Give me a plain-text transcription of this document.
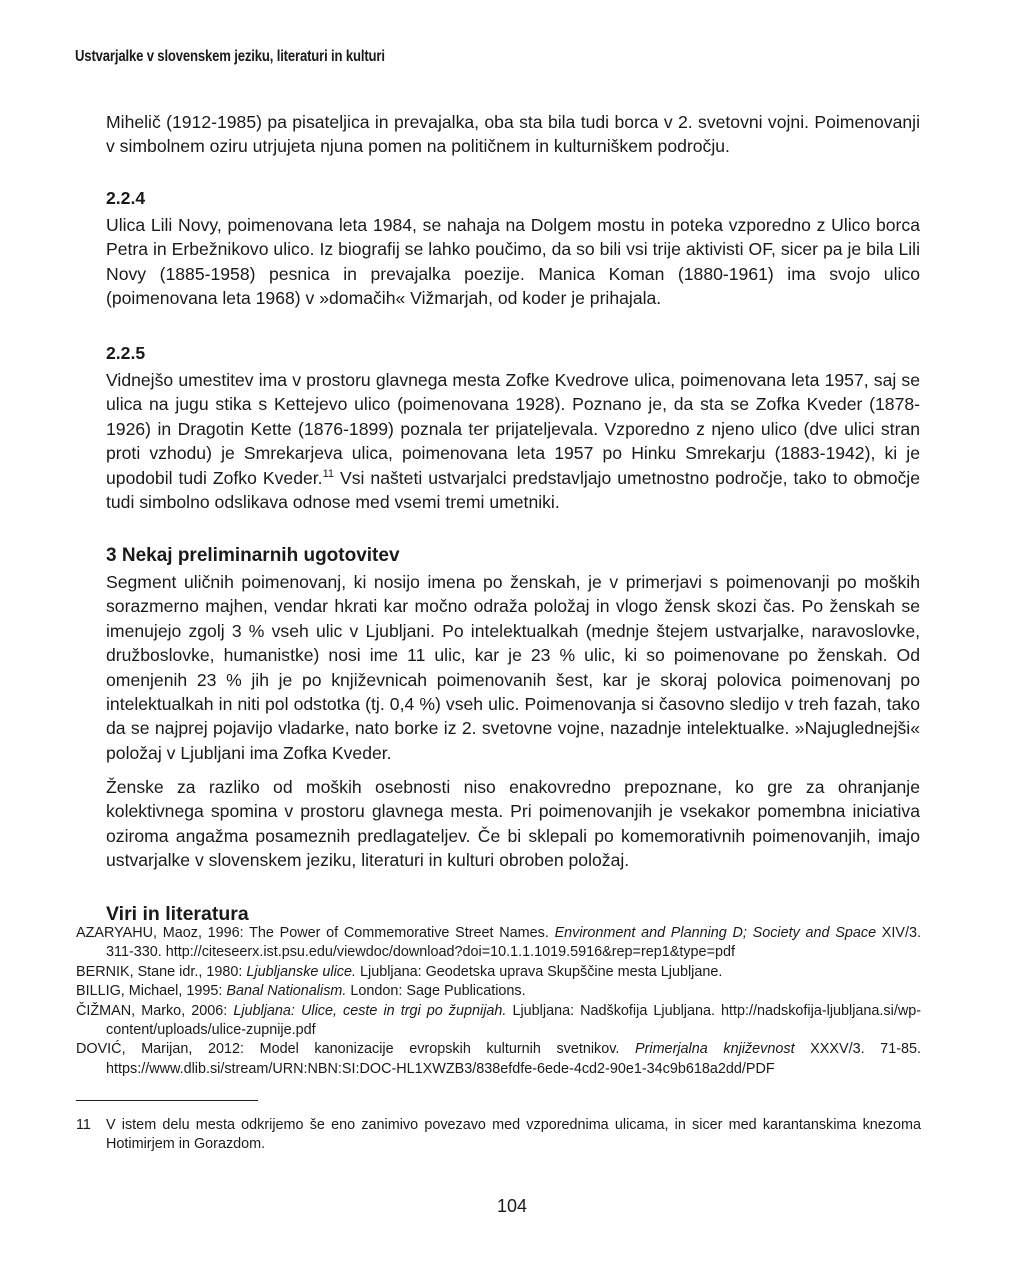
Ustvarjalke v slovenskem jeziku, literaturi in kulturi

Mihelič (1912-1985) pa pisateljica in prevajalka, oba sta bila tudi borca v 2. svetovni vojni. Poimenovanji v simbolnem oziru utrjujeta njuna pomen na političnem in kulturniškem področju.

2.2.4

Ulica Lili Novy, poimenovana leta 1984, se nahaja na Dolgem mostu in poteka vzporedno z Ulico borca Petra in Erbežnikovo ulico. Iz biografij se lahko poučimo, da so bili vsi trije aktivisti OF, sicer pa je bila Lili Novy (1885-1958) pesnica in prevajalka poezije. Manica Koman (1880-1961) ima svojo ulico (poimenovana leta 1968) v »domačih« Vižmarjah, od koder je prihajala.

2.2.5

Vidnejšo umestitev ima v prostoru glavnega mesta Zofke Kvedrove ulica, poimenovana leta 1957, saj se ulica na jugu stika s Kettejevo ulico (poimenovana 1928). Poznano je, da sta se Zofka Kveder (1878-1926) in Dragotin Kette (1876-1899) poznala ter prijateljevala. Vzporedno z njeno ulico (dve ulici stran proti vzhodu) je Smrekarjeva ulica, poimenovana leta 1957 po Hinku Smrekarju (1883-1942), ki je upodobil tudi Zofko Kveder.$^{11}$ Vsi našteti ustvarjalci predstavljajo umetnostno področje, tako to območje tudi simbolno odslikava odnose med vsemi tremi umetniki.

3 Nekaj preliminarnih ugotovitev

Segment uličnih poimenovanj, ki nosijo imena po ženskah, je v primerjavi s poimenovanji po moških sorazmerno majhen, vendar hkrati kar močno odraža položaj in vlogo žensk skozi čas. Po ženskah se imenujejo zgolj 3 % vseh ulic v Ljubljani. Po intelektualkah (mednje štejem ustvarjalke, naravoslovke, družboslovke, humanistke) nosi ime 11 ulic, kar je 23 % ulic, ki so poimenovane po ženskah. Od omenjenih 23 % jih je po književnicah poimenovanih šest, kar je skoraj polovica poimenovanj po intelektualkah in niti pol odstotka (tj. 0,4 %) vseh ulic. Poimenovanja si časovno sledijo v treh fazah, tako da se najprej pojavijo vladarke, nato borke iz 2. svetovne vojne, nazadnje intelektualke. »Najuglednejši« položaj v Ljubljani ima Zofka Kveder.

Ženske za razliko od moških osebnosti niso enakovredno prepoznane, ko gre za ohranjanje kolektivnega spomina v prostoru glavnega mesta. Pri poimenovanjih je vsekakor pomembna iniciativa oziroma angažma posameznih predlagateljev. Če bi sklepali po komemorativnih poimenovanjih, imajo ustvarjalke v slovenskem jeziku, literaturi in kulturi obroben položaj.

Viri in literatura
AZARYAHU, Maoz, 1996: The Power of Commemorative Street Names. Environment and Planning D; Society and Space XIV/3. 311-330. http://citeseerx.ist.psu.edu/viewdoc/download?doi=10.1.1.1019.5916&rep=rep1&type=pdf
BERNIK, Stane idr., 1980: Ljubljanske ulice. Ljubljana: Geodetska uprava Skupščine mesta Ljubljane.
BILLIG, Michael, 1995: Banal Nationalism. London: Sage Publications.
ČIŽMAN, Marko, 2006: Ljubljana: Ulice, ceste in trgi po župnijah. Ljubljana: Nadškofija Ljubljana. http://nadskofija-ljubljana.si/wp-content/uploads/ulice-zupnije.pdf
DOVIĆ, Marijan, 2012: Model kanonizacije evropskih kulturnih svetnikov. Primerjalna književnost XXXV/3. 71-85. https://www.dlib.si/stream/URN:NBN:SI:DOC-HL1XWZB3/838efdfe-6ede-4cd2-90e1-34c9b618a2dd/PDF

11 V istem delu mesta odkrijemo še eno zanimivo povezavo med vzporednima ulicama, in sicer med karantanskima knezoma Hotimirjem in Gorazdom.

104
